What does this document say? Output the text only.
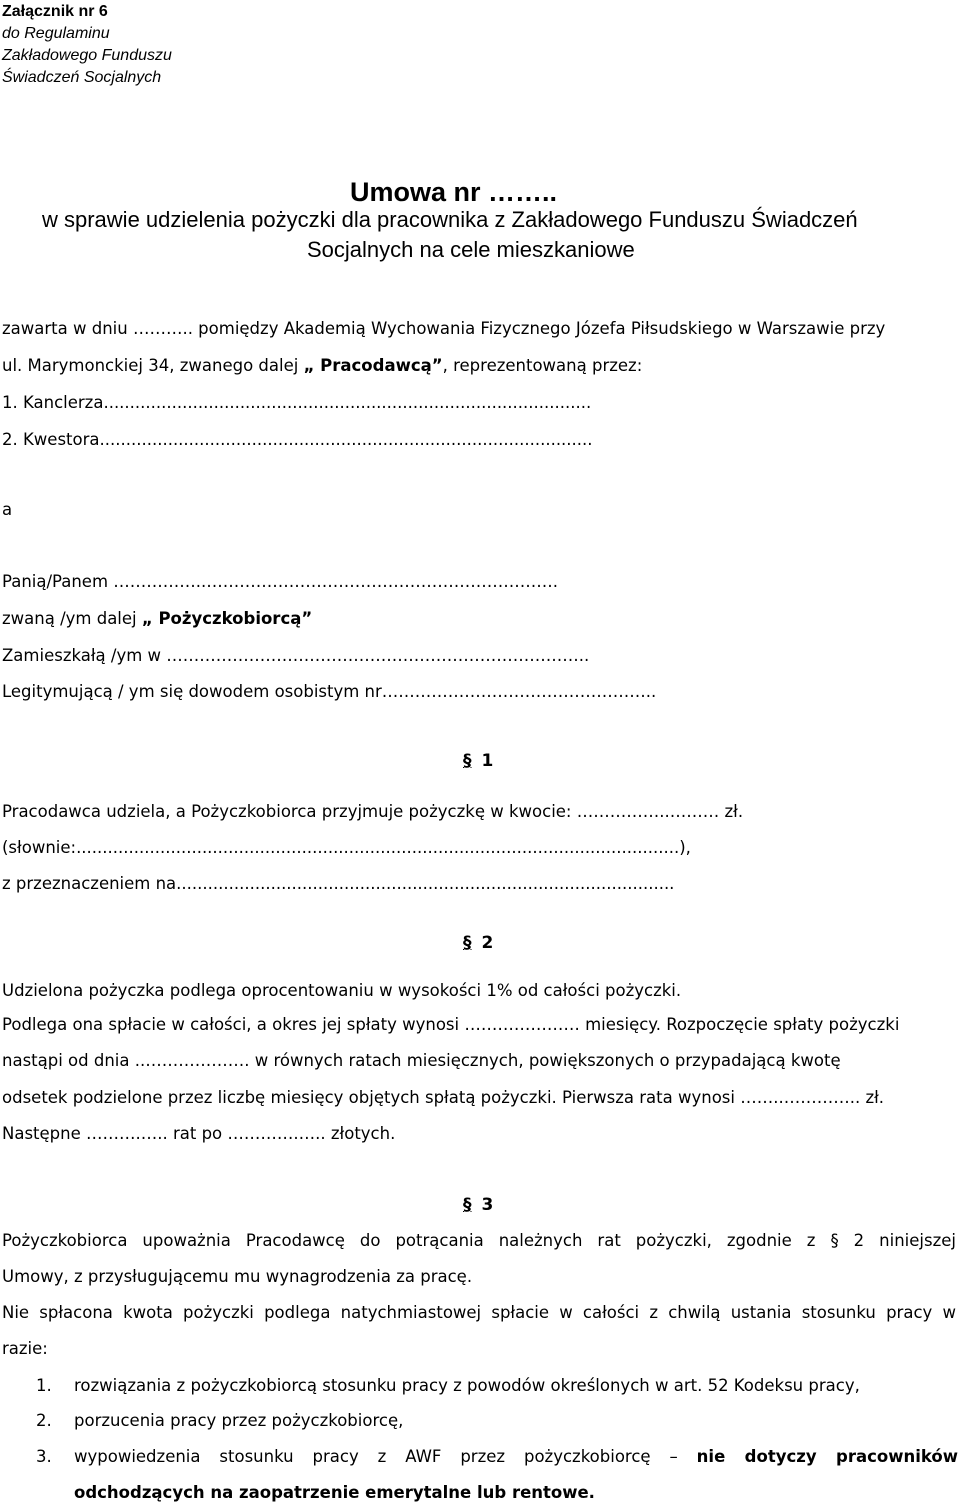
Załącznik nr 6
do Regulaminu
Zakładowego Funduszu
Świadczeń Socjalnych
Umowa nr ……..
w sprawie udzielenia pożyczki dla pracownika z Zakładowego Funduszu Świadczeń
Socjalnych na cele mieszkaniowe
zawarta w dniu ……….. pomiędzy Akademią Wychowania Fizycznego Józefa Piłsudskiego w Warszawie przy
ul. Marymonckiej 34, zwanego dalej „ Pracodawcą”, reprezentowaną przez:
1. Kanclerza.............................................................................................
2. Kwestora..............................................................................................
a
Panią/Panem ……………..……………………………………………………….
zwaną /ym dalej „ Pożyczkobiorcą”
Zamieszkałą /ym w …………………………………………………………………..
Legitymującą / ym się dowodem osobistym nr…………………………………………..
§ 1
Pracodawca udziela, a Pożyczkobiorca przyjmuje pożyczkę w kwocie: ……………..……… zł.
(słownie:...................................................................................................................),
z przeznaczeniem na...............................................................................................
§ 2
Udzielona pożyczka podlega oprocentowaniu w wysokości 1% od całości pożyczki.
Podlega ona spłacie w całości, a okres jej spłaty wynosi ………………… miesięcy. Rozpoczęcie spłaty pożyczki
nastąpi od dnia ..………………. w równych ratach miesięcznych, powiększonych o przypadającą kwotę
odsetek podzielone przez liczbę miesięcy objętych spłatą pożyczki. Pierwsza rata wynosi ……..………….. zł.
Następne ……….….. rat po ………….….. złotych.
§ 3
Pożyczkobiorca upoważnia Pracodawcę do potrącania należnych rat pożyczki, zgodnie z § 2 niniejszej
Umowy, z przysługującemu mu wynagrodzenia za pracę.
Nie spłacona kwota pożyczki podlega natychmiastowej spłacie w całości z chwilą ustania stosunku pracy w
razie:
1. rozwiązania z pożyczkobiorcą stosunku pracy z powodów określonych w art. 52 Kodeksu pracy,
2. porzucenia pracy przez pożyczkobiorcę,
3. wypowiedzenia stosunku pracy z AWF przez pożyczkobiorcę – nie dotyczy pracowników
odchodzących na zaopatrzenie emerytalne lub rentowe.
